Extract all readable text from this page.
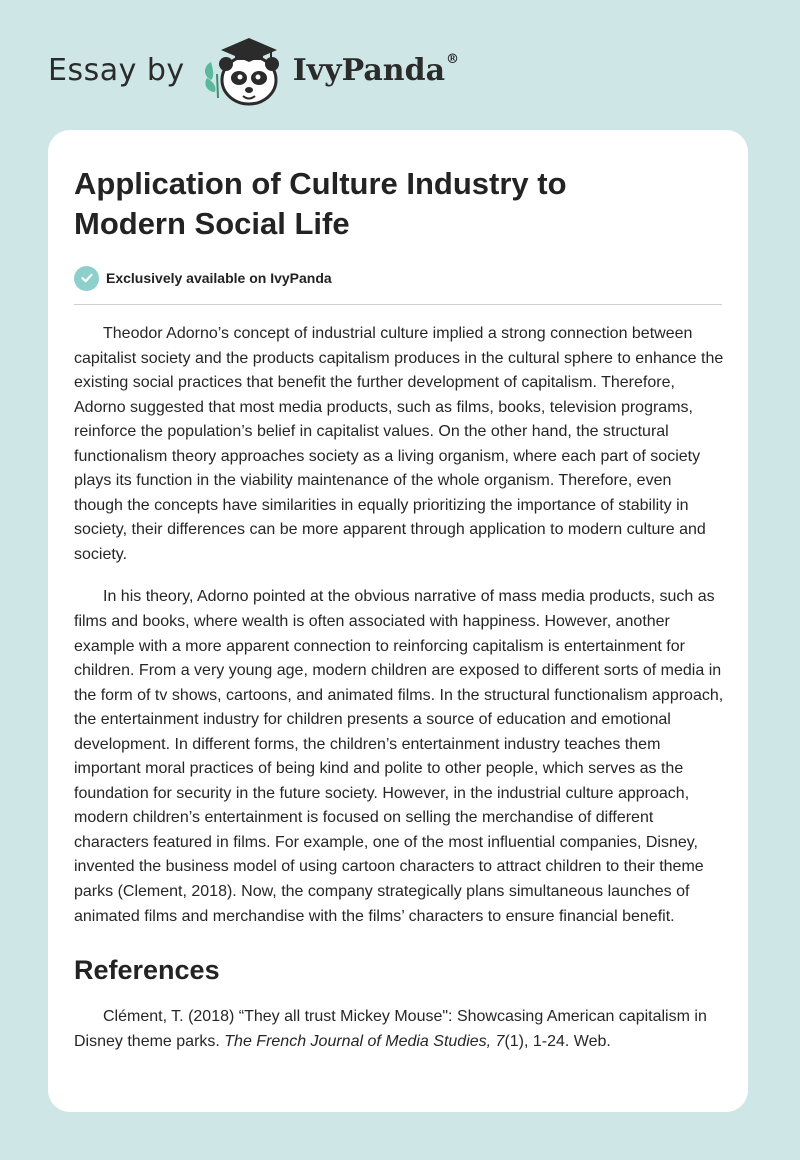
Essay by	IvyPanda®
Application of Culture Industry to Modern Social Life
Exclusively available on IvyPanda

Theodor Adorno’s concept of industrial culture implied a strong connection between capitalist society and the products capitalism produces in the cultural sphere to enhance the existing social practices that benefit the further development of capitalism. Therefore, Adorno suggested that most media products, such as films, books, television programs, reinforce the population’s belief in capitalist values. On the other hand, the structural functionalism theory approaches society as a living organism, where each part of society plays its function in the viability maintenance of the whole organism. Therefore, even though the concepts have similarities in equally prioritizing the importance of stability in society, their differences can be more apparent through application to modern culture and society.

In his theory, Adorno pointed at the obvious narrative of mass media products, such as films and books, where wealth is often associated with happiness. However, another example with a more apparent connection to reinforcing capitalism is entertainment for children. From a very young age, modern children are exposed to different sorts of media in the form of tv shows, cartoons, and animated films. In the structural functionalism approach, the entertainment industry for children presents a source of education and emotional development. In different forms, the children’s entertainment industry teaches them important moral practices of being kind and polite to other people, which serves as the foundation for security in the future society. However, in the industrial culture approach, modern children’s entertainment is focused on selling the merchandise of different characters featured in films. For example, one of the most influential companies, Disney, invented the business model of using cartoon characters to attract children to their theme parks (Clement, 2018). Now, the company strategically plans simultaneous launches of animated films and merchandise with the films’ characters to ensure financial benefit.

References

Clément, T. (2018) “They all trust Mickey Mouse": Showcasing American capitalism in Disney theme parks. The French Journal of Media Studies, 7(1), 1-24. Web.
